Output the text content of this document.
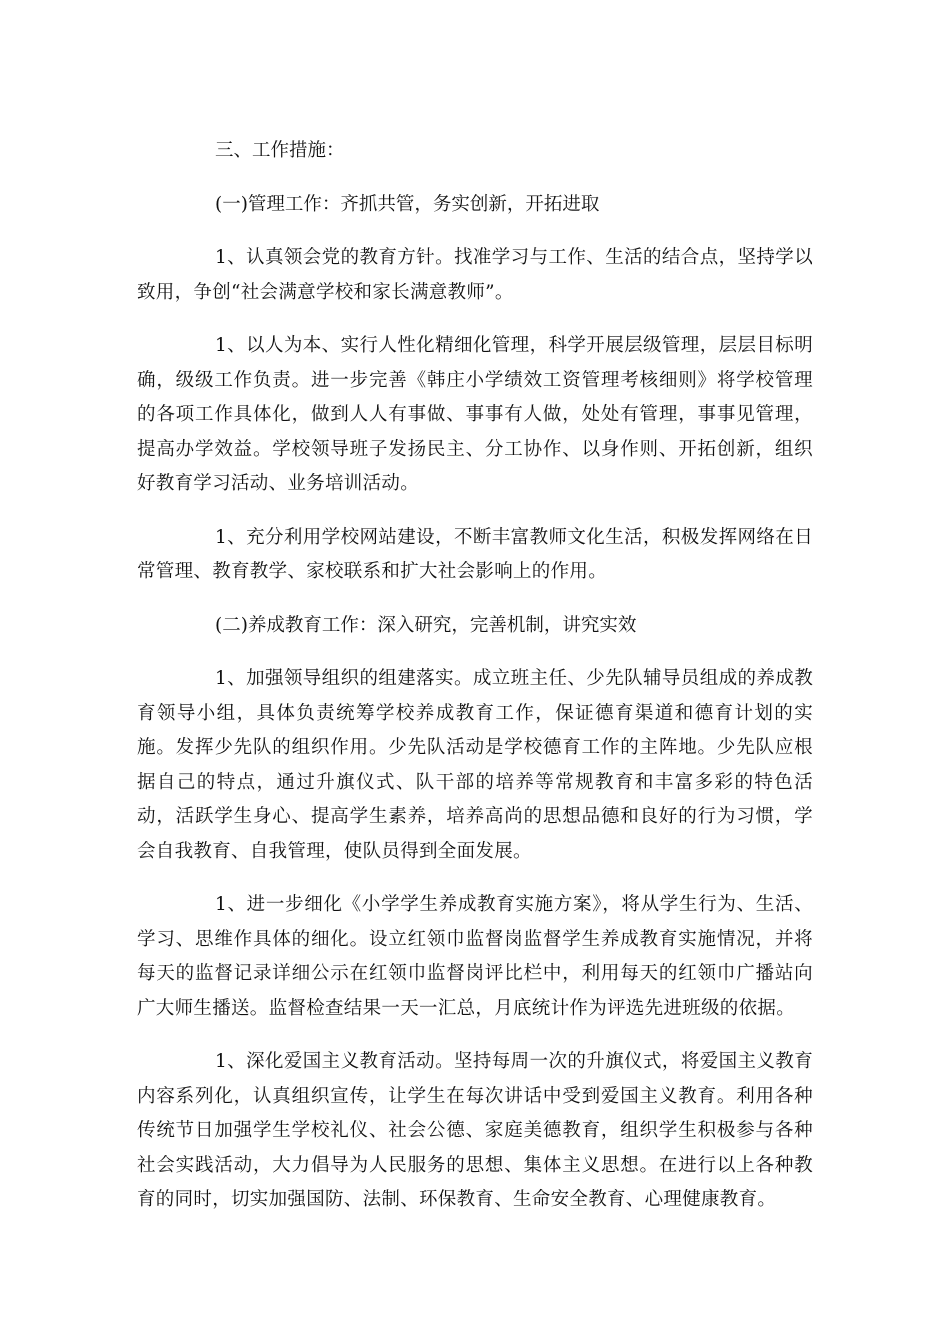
三、工作措施：

(一)管理工作：齐抓共管，务实创新，开拓进取

1、认真领会党的教育方针。找准学习与工作、生活的结合点，坚持学以致用，争创“社会满意学校和家长满意教师”。

1、以人为本、实行人性化精细化管理，科学开展层级管理，层层目标明确，级级工作负责。进一步完善《韩庄小学绩效工资管理考核细则》将学校管理的各项工作具体化，做到人人有事做、事事有人做，处处有管理，事事见管理，提高办学效益。学校领导班子发扬民主、分工协作、以身作则、开拓创新，组织好教育学习活动、业务培训活动。

1、充分利用学校网站建设，不断丰富教师文化生活，积极发挥网络在日常管理、教育教学、家校联系和扩大社会影响上的作用。

(二)养成教育工作：深入研究，完善机制，讲究实效

1、加强领导组织的组建落实。成立班主任、少先队辅导员组成的养成教育领导小组，具体负责统筹学校养成教育工作，保证德育渠道和德育计划的实施。发挥少先队的组织作用。少先队活动是学校德育工作的主阵地。少先队应根据自己的特点，通过升旗仪式、队干部的培养等常规教育和丰富多彩的特色活动，活跃学生身心、提高学生素养，培养高尚的思想品德和良好的行为习惯，学会自我教育、自我管理，使队员得到全面发展。

1、进一步细化《小学学生养成教育实施方案》，将从学生行为、生活、学习、思维作具体的细化。设立红领巾监督岗监督学生养成教育实施情况，并将每天的监督记录详细公示在红领巾监督岗评比栏中，利用每天的红领巾广播站向广大师生播送。监督检查结果一天一汇总，月底统计作为评选先进班级的依据。

1、深化爱国主义教育活动。坚持每周一次的升旗仪式，将爱国主义教育内容系列化，认真组织宣传，让学生在每次讲话中受到爱国主义教育。利用各种传统节日加强学生学校礼仪、社会公德、家庭美德教育，组织学生积极参与各种社会实践活动，大力倡导为人民服务的思想、集体主义思想。在进行以上各种教育的同时，切实加强国防、法制、环保教育、生命安全教育、心理健康教育。
